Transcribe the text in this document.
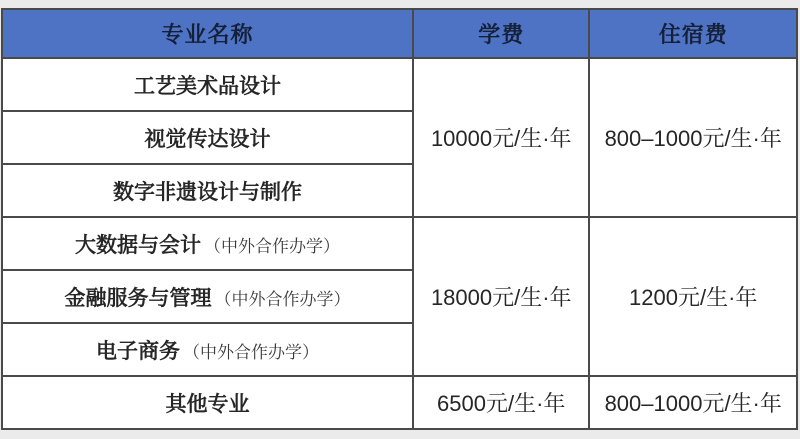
专业名称	学费	住宿费
工艺美术品设计	10000元/生·年	800–1000元/生·年
视觉传达设计		
数字非遗设计与制作		
大数据与会计 （中外合作办学）	18000元/生·年	1200元/生·年
金融服务与管理 （中外合作办学）		
电子商务 （中外合作办学）		
其他专业	6500元/生·年	800–1000元/生·年
